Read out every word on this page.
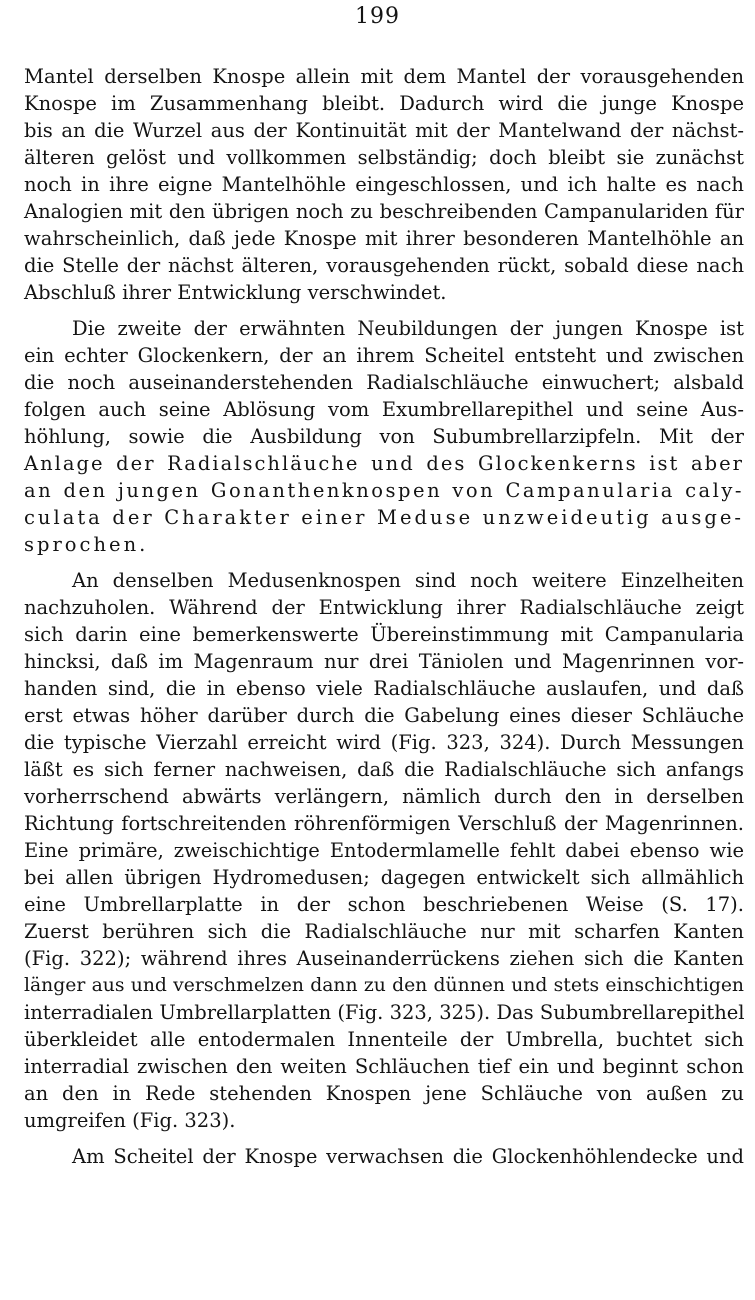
199
Mantel derselben Knospe allein mit dem Mantel der vorausgehenden
Knospe im Zusammenhang bleibt. Dadurch wird die junge Knospe
bis an die Wurzel aus der Kontinuität mit der Mantelwand der nächst-
älteren gelöst und vollkommen selbständig; doch bleibt sie zunächst
noch in ihre eigne Mantelhöhle eingeschlossen, und ich halte es nach
Analogien mit den übrigen noch zu beschreibenden Campanulariden für
wahrscheinlich, daß jede Knospe mit ihrer besonderen Mantelhöhle an
die Stelle der nächst älteren, vorausgehenden rückt, sobald diese nach
Abschluß ihrer Entwicklung verschwindet.
Die zweite der erwähnten Neubildungen der jungen Knospe ist
ein echter Glockenkern, der an ihrem Scheitel entsteht und zwischen
die noch auseinanderstehenden Radialschläuche einwuchert; alsbald
folgen auch seine Ablösung vom Exumbrellarepithel und seine Aus-
höhlung, sowie die Ausbildung von Subumbrellarzipfeln. Mit der
Anlage der Radialschläuche und des Glockenkerns ist aber
an den jungen Gonanthenknospen von Campanularia caly-
culata der Charakter einer Meduse unzweideutig ausge-
sprochen.
An denselben Medusenknospen sind noch weitere Einzelheiten
nachzuholen. Während der Entwicklung ihrer Radialschläuche zeigt
sich darin eine bemerkenswerte Übereinstimmung mit Campanularia
hincksi, daß im Magenraum nur drei Täniolen und Magenrinnen vor-
handen sind, die in ebenso viele Radialschläuche auslaufen, und daß
erst etwas höher darüber durch die Gabelung eines dieser Schläuche
die typische Vierzahl erreicht wird (Fig. 323, 324). Durch Messungen
läßt es sich ferner nachweisen, daß die Radialschläuche sich anfangs
vorherrschend abwärts verlängern, nämlich durch den in derselben
Richtung fortschreitenden röhrenförmigen Verschluß der Magenrinnen.
Eine primäre, zweischichtige Entodermlamelle fehlt dabei ebenso wie
bei allen übrigen Hydromedusen; dagegen entwickelt sich allmählich
eine Umbrellarplatte in der schon beschriebenen Weise (S. 17).
Zuerst berühren sich die Radialschläuche nur mit scharfen Kanten
(Fig. 322); während ihres Auseinanderrückens ziehen sich die Kanten
länger aus und verschmelzen dann zu den dünnen und stets einschichtigen
interradialen Umbrellarplatten (Fig. 323, 325). Das Subumbrellarepithel
überkleidet alle entodermalen Innenteile der Umbrella, buchtet sich
interradial zwischen den weiten Schläuchen tief ein und beginnt schon
an den in Rede stehenden Knospen jene Schläuche von außen zu
umgreifen (Fig. 323).
Am Scheitel der Knospe verwachsen die Glockenhöhlendecke und
